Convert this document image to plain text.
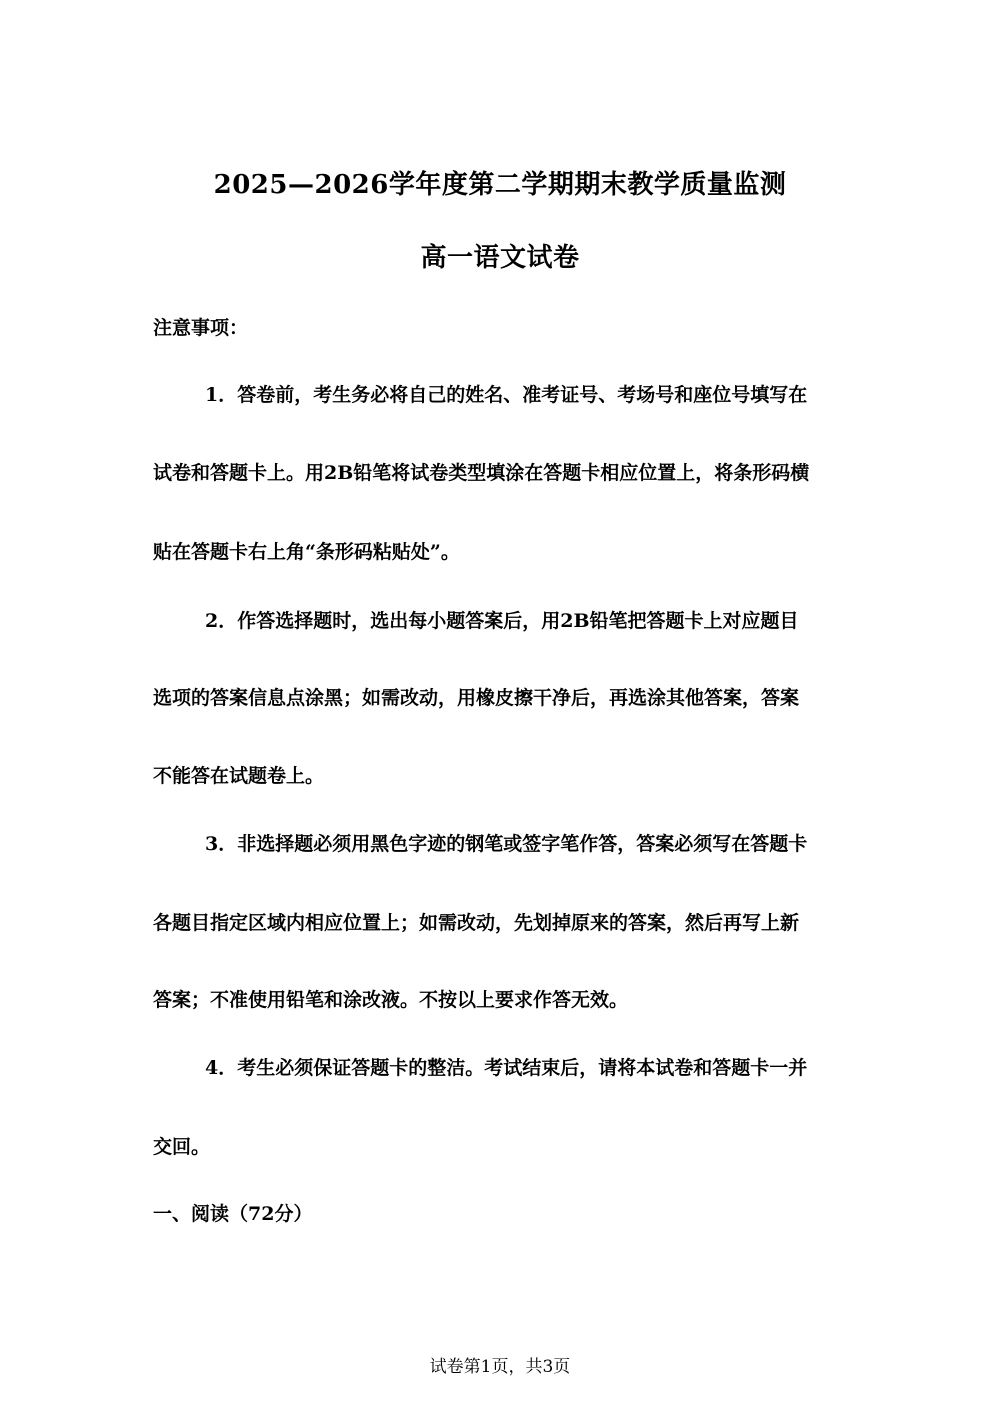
2025—2026学年度第二学期期末教学质量监测
高一语文试卷
注意事项：
1．答卷前，考生务必将自己的姓名、准考证号、考场号和座位号填写在
试卷和答题卡上。用2B铅笔将试卷类型填涂在答题卡相应位置上，将条形码横
贴在答题卡右上角“条形码粘贴处”。
2．作答选择题时，选出每小题答案后，用2B铅笔把答题卡上对应题目
选项的答案信息点涂黑；如需改动，用橡皮擦干净后，再选涂其他答案，答案
不能答在试题卷上。
3．非选择题必须用黑色字迹的钢笔或签字笔作答，答案必须写在答题卡
各题目指定区域内相应位置上；如需改动，先划掉原来的答案，然后再写上新
答案；不准使用铅笔和涂改液。不按以上要求作答无效。
4．考生必须保证答题卡的整洁。考试结束后，请将本试卷和答题卡一并
交回。
一、阅读（72分）
试卷第1页，共3页
